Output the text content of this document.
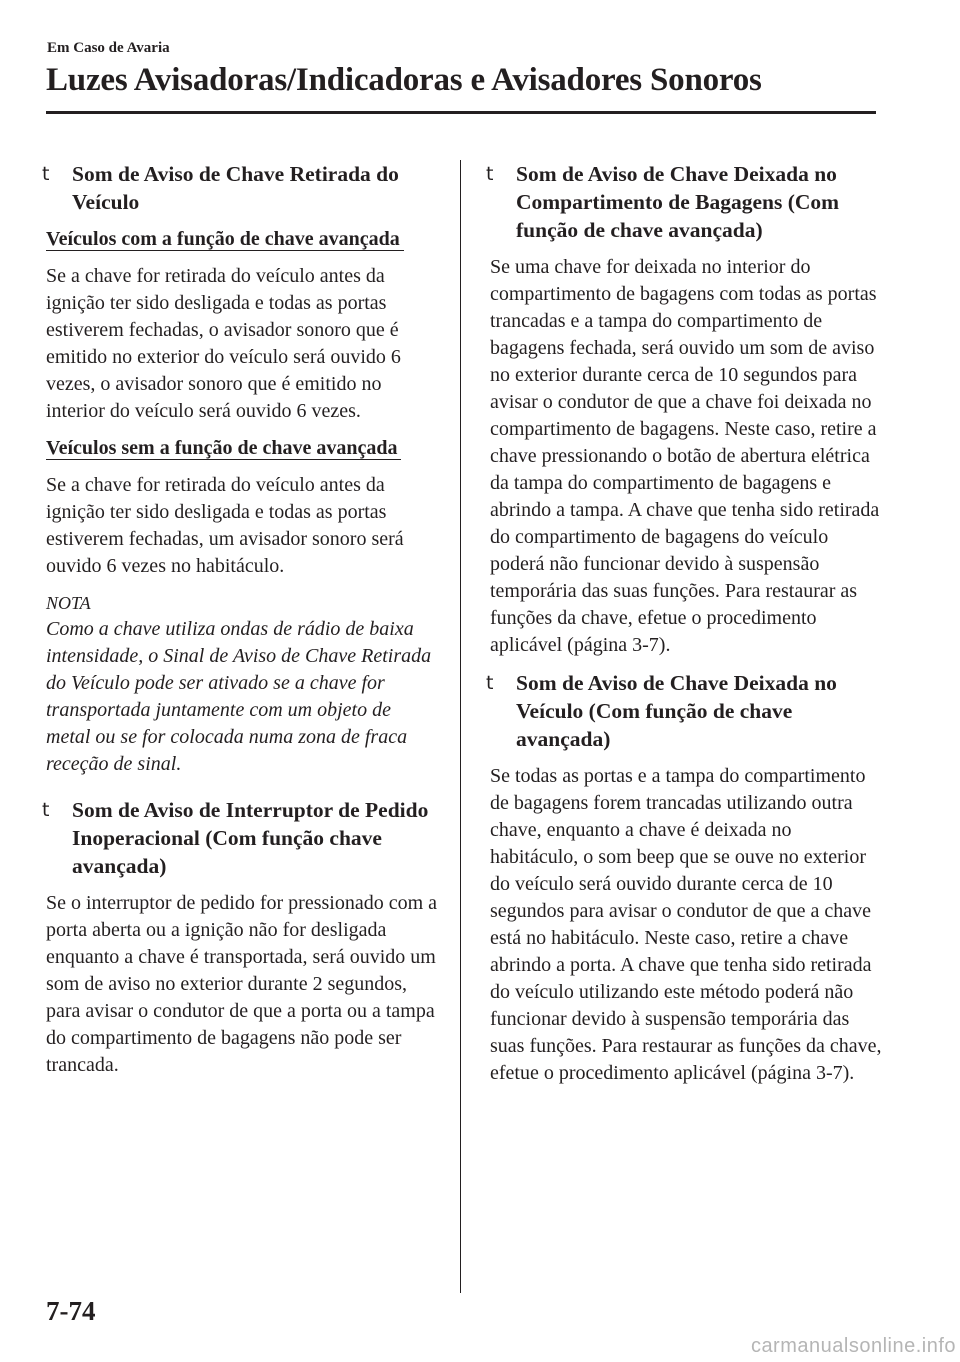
Em Caso de Avaria
Luzes Avisadoras/Indicadoras e Avisadores Sonoros
t Som de Aviso de Chave Retirada do Veículo
Veículos com a função de chave avançada

Se a chave for retirada do veículo antes da ignição ter sido desligada e todas as portas estiverem fechadas, o avisador sonoro que é emitido no exterior do veículo será ouvido 6 vezes, o avisador sonoro que é emitido no interior do veículo será ouvido 6 vezes.

Veículos sem a função de chave avançada

Se a chave for retirada do veículo antes da ignição ter sido desligada e todas as portas estiverem fechadas, um avisador sonoro será ouvido 6 vezes no habitáculo.

NOTA

Como a chave utiliza ondas de rádio de baixa intensidade, o Sinal de Aviso de Chave Retirada do Veículo pode ser ativado se a chave for transportada juntamente com um objeto de metal ou se for colocada numa zona de fraca receção de sinal.

t Som de Aviso de Interruptor de Pedido Inoperacional (Com função chave avançada)

Se o interruptor de pedido for pressionado com a porta aberta ou a ignição não for desligada enquanto a chave é transportada, será ouvido um som de aviso no exterior durante 2 segundos, para avisar o condutor de que a porta ou a tampa do compartimento de bagagens não pode ser trancada.

t Som de Aviso de Chave Deixada no Compartimento de Bagagens (Com função de chave avançada)

Se uma chave for deixada no interior do compartimento de bagagens com todas as portas trancadas e a tampa do compartimento de bagagens fechada, será ouvido um som de aviso no exterior durante cerca de 10 segundos para avisar o condutor de que a chave foi deixada no compartimento de bagagens. Neste caso, retire a chave pressionando o botão de abertura elétrica da tampa do compartimento de bagagens e abrindo a tampa. A chave que tenha sido retirada do compartimento de bagagens do veículo poderá não funcionar devido à suspensão temporária das suas funções. Para restaurar as funções da chave, efetue o procedimento aplicável (página 3-7).

t Som de Aviso de Chave Deixada no Veículo (Com função de chave avançada)

Se todas as portas e a tampa do compartimento de bagagens forem trancadas utilizando outra chave, enquanto a chave é deixada no habitáculo, o som beep que se ouve no exterior do veículo será ouvido durante cerca de 10 segundos para avisar o condutor de que a chave está no habitáculo. Neste caso, retire a chave abrindo a porta. A chave que tenha sido retirada do veículo utilizando este método poderá não funcionar devido à suspensão temporária das suas funções. Para restaurar as funções da chave, efetue o procedimento aplicável (página 3-7).

7-74
carmanualsonline.info
